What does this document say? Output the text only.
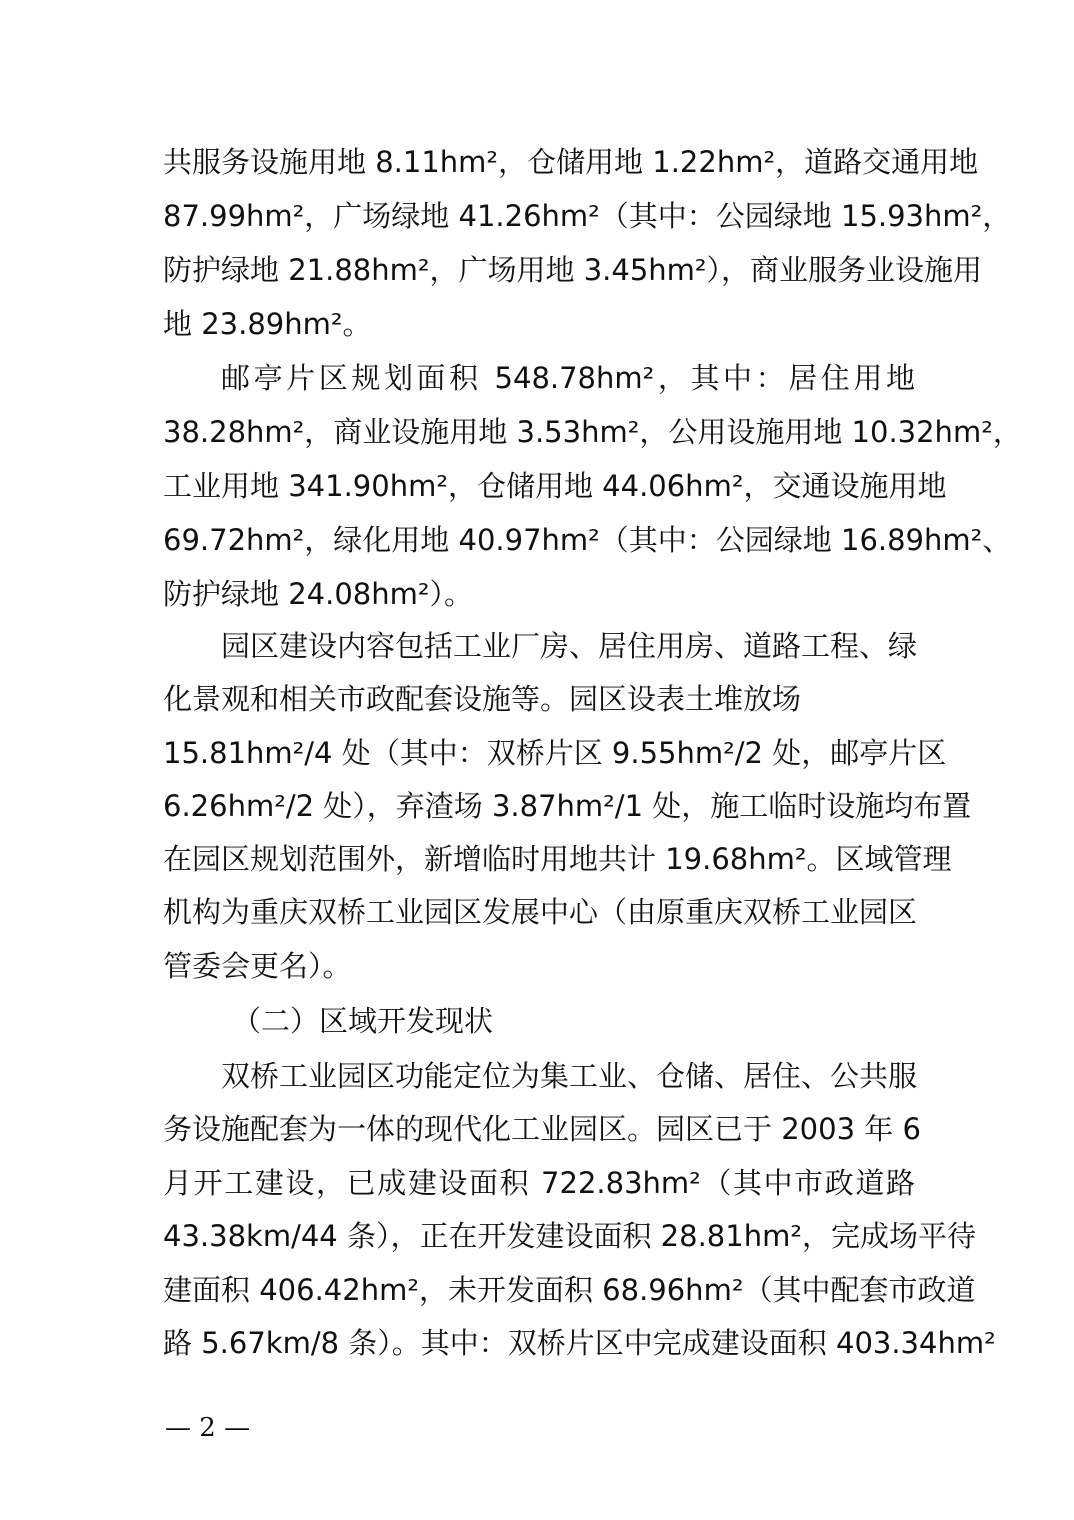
共服务设施用地 8.11hm²，仓储用地 1.22hm²，道路交通用地
87.99hm²，广场绿地 41.26hm²（其中：公园绿地 15.93hm²，
防护绿地 21.88hm²，广场用地 3.45hm²），商业服务业设施用
地 23.89hm²。
邮亭片区规划面积 548.78hm²，其中：居住用地
38.28hm²，商业设施用地 3.53hm²，公用设施用地 10.32hm²，
工业用地 341.90hm²，仓储用地 44.06hm²，交通设施用地
69.72hm²，绿化用地 40.97hm²（其中：公园绿地 16.89hm²、
防护绿地 24.08hm²）。
园区建设内容包括工业厂房、居住用房、道路工程、绿
化景观和相关市政配套设施等。园区设表土堆放场
15.81hm²/4 处（其中：双桥片区 9.55hm²/2 处，邮亭片区
6.26hm²/2 处），弃渣场 3.87hm²/1 处，施工临时设施均布置
在园区规划范围外，新增临时用地共计 19.68hm²。区域管理
机构为重庆双桥工业园区发展中心（由原重庆双桥工业园区
管委会更名）。
（二）区域开发现状
双桥工业园区功能定位为集工业、仓储、居住、公共服
务设施配套为一体的现代化工业园区。园区已于 2003 年 6
月开工建设，已成建设面积 722.83hm²（其中市政道路
43.38km/44 条），正在开发建设面积 28.81hm²，完成场平待
建面积 406.42hm²，未开发面积 68.96hm²（其中配套市政道
路 5.67km/8 条）。其中：双桥片区中完成建设面积 403.34hm²
— 2 —
